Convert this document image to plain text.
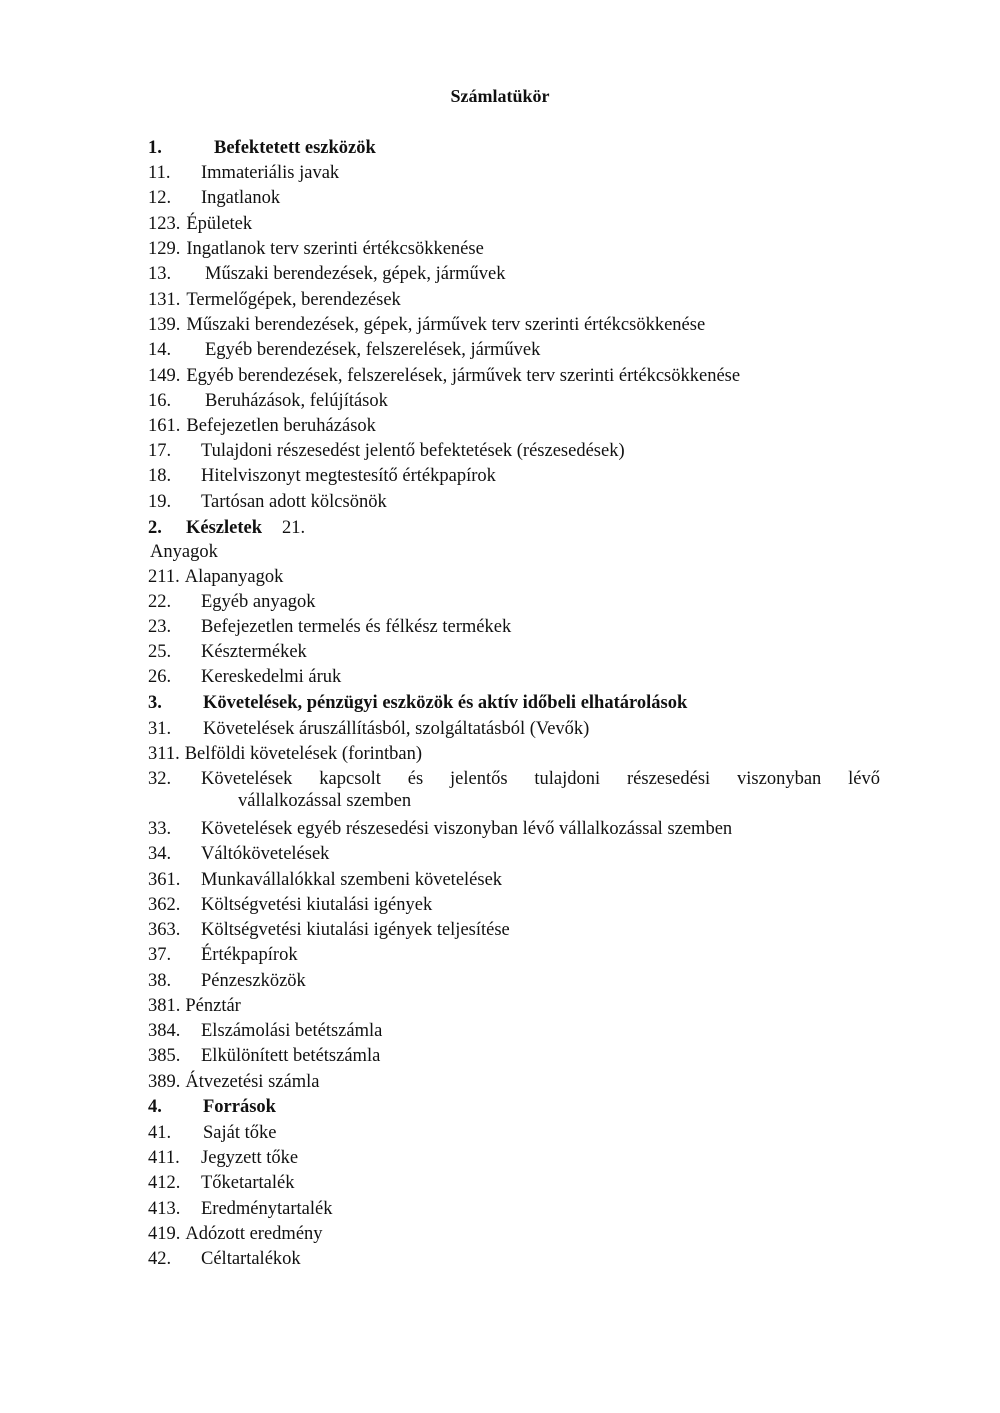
Számlatükör
1.	Befektetett eszközök
11. Immateriális javak
12. Ingatlanok
123. Épületek
129. Ingatlanok terv szerinti értékcsökkenése
13. Műszaki berendezések, gépek, járművek
131. Termelőgépek, berendezések
139. Műszaki berendezések, gépek, járművek terv szerinti értékcsökkenése
14. Egyéb berendezések, felszerelések, járművek
149. Egyéb berendezések, felszerelések, járművek terv szerinti értékcsökkenése
16. Beruházások, felújítások
161. Befejezetlen beruházások
17. Tulajdoni részesedést jelentő befektetések (részesedések)
18. Hitelviszonyt megtestesítő értékpapírok
19. Tartósan adott kölcsönök
2. Készletek 21.
Anyagok
211. Alapanyagok
22. Egyéb anyagok
23. Befejezetlen termelés és félkész termékek
25. Késztermékek
26. Kereskedelmi áruk
3. Követelések, pénzügyi eszközök és aktív időbeli elhatárolások
31. Követelések áruszállításból, szolgáltatásból (Vevők)
311. Belföldi követelések (forintban)
32.	Követelések kapcsolt és jelentős tulajdoni részesedési viszonyban lévő
vállalkozással szemben
33. Követelések egyéb részesedési viszonyban lévő vállalkozással szemben
34. Váltókövetelések
361. Munkavállalókkal szembeni követelések
362. Költségvetési kiutalási igények
363. Költségvetési kiutalási igények teljesítése
37. Értékpapírok
38. Pénzeszközök
381. Pénztár
384. Elszámolási betétszámla
385. Elkülönített betétszámla
389. Átvezetési számla
4. Források
41. Saját tőke
411. Jegyzett tőke
412. Tőketartalék
413. Eredménytartalék
419. Adózott eredmény
42. Céltartalékok
